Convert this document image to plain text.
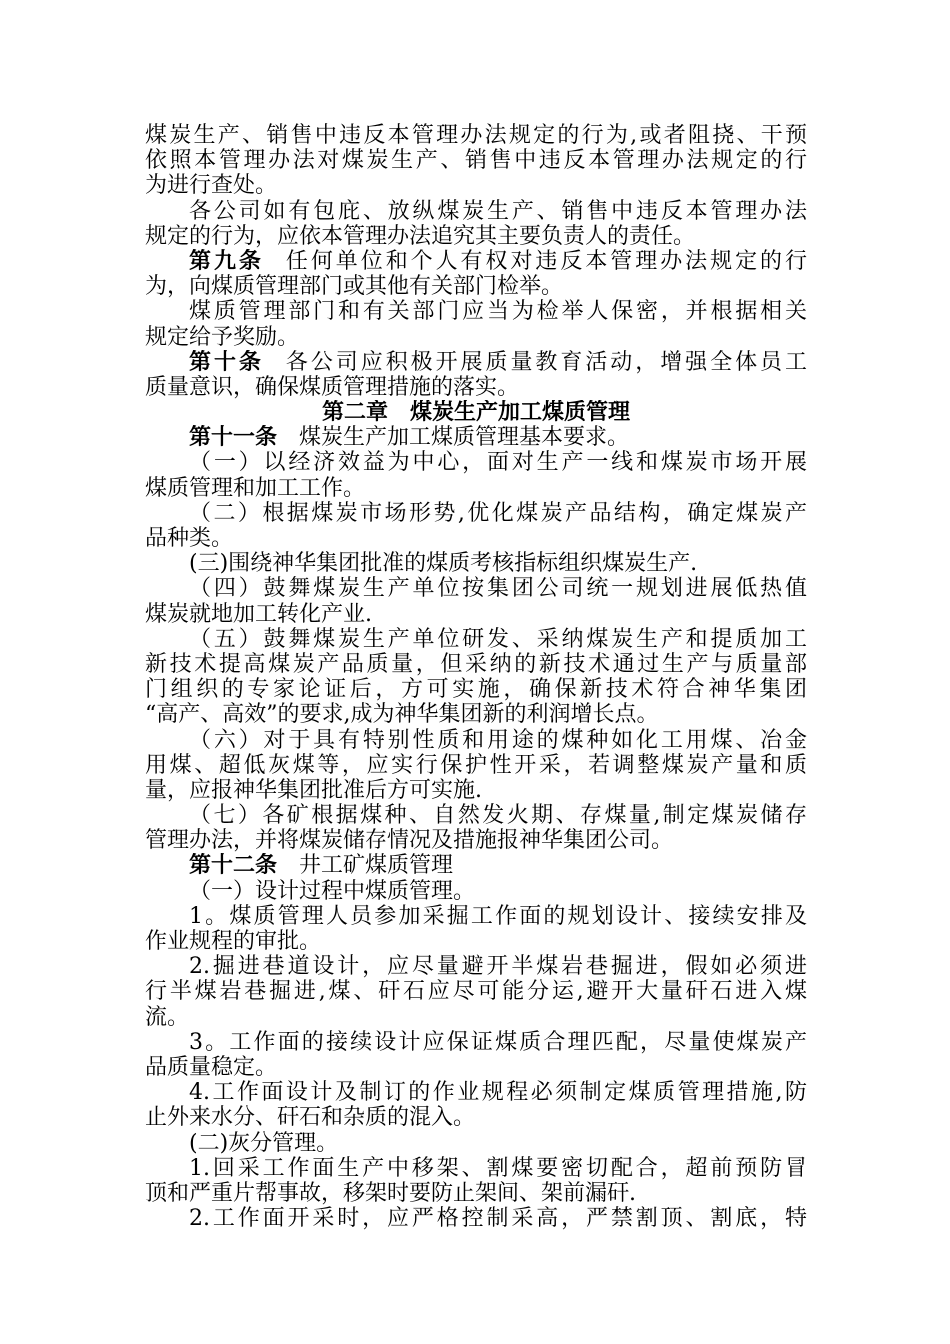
煤炭生产、销售中违反本管理办法规定的行为,或者阻挠、干预
依照本管理办法对煤炭生产、销售中违反本管理办法规定的行
为进行查处。
各公司如有包庇、放纵煤炭生产、销售中违反本管理办法
规定的行为，应依本管理办法追究其主要负责人的责任。
第九条 任何单位和个人有权对违反本管理办法规定的行
为，向煤质管理部门或其他有关部门检举。
煤质管理部门和有关部门应当为检举人保密，并根据相关
规定给予奖励。
第十条 各公司应积极开展质量教育活动，增强全体员工
质量意识，确保煤质管理措施的落实。
第二章　煤炭生产加工煤质管理
第十一条 煤炭生产加工煤质管理基本要求。
（一）以经济效益为中心，面对生产一线和煤炭市场开展
煤质管理和加工工作。
（二）根据煤炭市场形势,优化煤炭产品结构，确定煤炭产
品种类。
(三)围绕神华集团批准的煤质考核指标组织煤炭生产.
（四）鼓舞煤炭生产单位按集团公司统一规划进展低热值
煤炭就地加工转化产业.
（五）鼓舞煤炭生产单位研发、采纳煤炭生产和提质加工
新技术提高煤炭产品质量，但采纳的新技术通过生产与质量部
门组织的专家论证后，方可实施，确保新技术符合神华集团
“高产、高效”的要求,成为神华集团新的利润增长点。
（六）对于具有特别性质和用途的煤种如化工用煤、冶金
用煤、超低灰煤等，应实行保护性开采，若调整煤炭产量和质
量，应报神华集团批准后方可实施.
（七）各矿根据煤种、自然发火期、存煤量,制定煤炭储存
管理办法，并将煤炭储存情况及措施报神华集团公司。
第十二条 井工矿煤质管理
（一）设计过程中煤质管理。
1。煤质管理人员参加采掘工作面的规划设计、接续安排及
作业规程的审批。
2.掘进巷道设计，应尽量避开半煤岩巷掘进，假如必须进
行半煤岩巷掘进,煤、矸石应尽可能分运,避开大量矸石进入煤
流。
3。工作面的接续设计应保证煤质合理匹配，尽量使煤炭产
品质量稳定。
4.工作面设计及制订的作业规程必须制定煤质管理措施,防
止外来水分、矸石和杂质的混入。
(二)灰分管理。
1.回采工作面生产中移架、割煤要密切配合，超前预防冒
顶和严重片帮事故，移架时要防止架间、架前漏矸.
2.工作面开采时，应严格控制采高，严禁割顶、割底，特
